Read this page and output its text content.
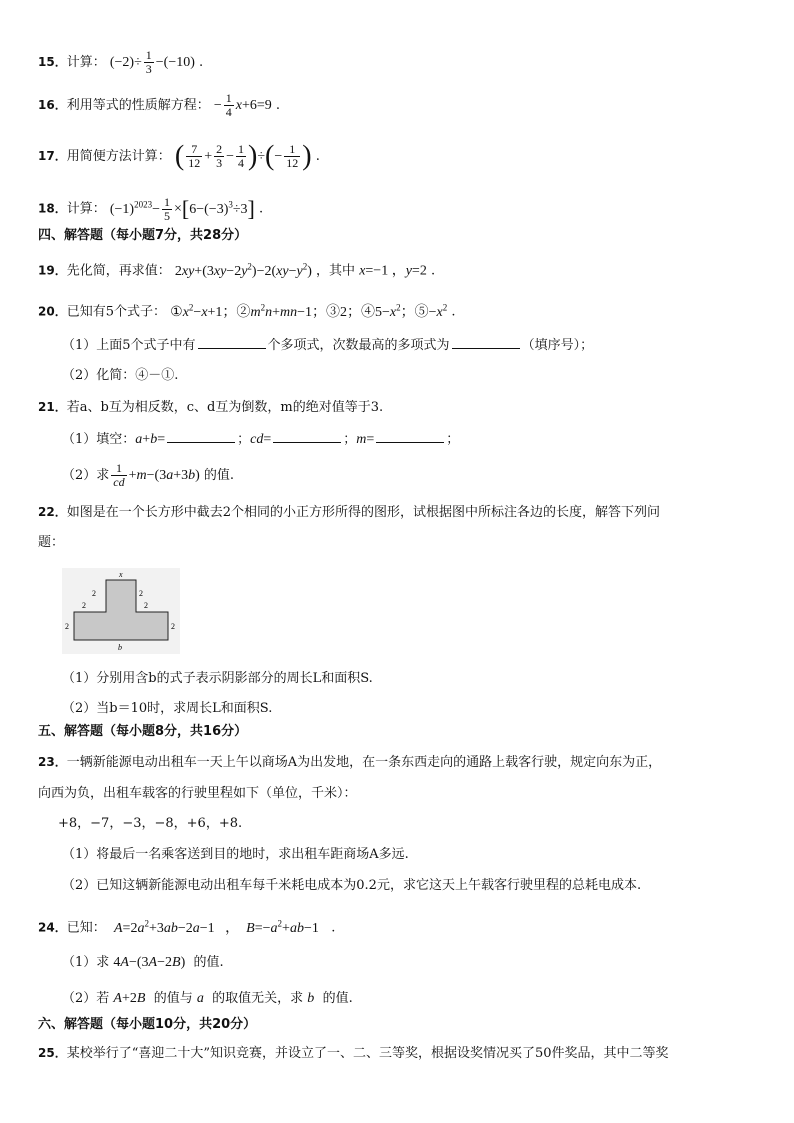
15．计算： $(-2)\div \frac{1}{3} -(-10)$ .
16．利用等式的性质解方程： − $\frac{1}{4} x+6=9$ .
17．用简便方法计算： ( $\frac{7}{12} + \frac{2}{3} - \frac{1}{4}$ )÷(− $\frac{1}{12}$ ) .
18．计算： $(-1)^{2023}- \frac{1}{5} \times[6-(-3)^3\div 3]$ .
四、解答题（每小题7分，共28分）
19．先化简，再求值： $2xy+(3xy-2y^2)-2(xy-y^2)$ ，其中 x=−1 ，y=2 .
20．已知有5个式子： $①x^2-x+1$；$②m^2n+mn-1$；③2；$④5-x^2$；$⑤-x^2$ .
（1）上面5个式子中有	个多项式，次数最高的多项式为	（填序号）；
（2）化简：④－①.
21．若a、b互为相反数，c、d互为倒数，m的绝对值等于3.
（1）填空：a+b=	；cd=	；m=	；
（2）求 $\frac{1}{cd} +m-(3a+3b)$ 的值.
22．如图是在一个长方形中截去2个相同的小正方形所得的图形，试根据图中所标注各边的长度，解答下列问
题：
x
2	2
2	2
2	2
b
（1）分别用含b的式子表示阴影部分的周长L和面积S.
（2）当b＝10时，求周长L和面积S.
五、解答题（每小题8分，共16分）
23．一辆新能源电动出租车一天上午以商场A为出发地，在一条东西走向的通路上载客行驶，规定向东为正，
向西为负，出租车载客的行驶里程如下（单位，千米）：
+8，−7，−3，−8，+6，+8.
（1）将最后一名乘客送到目的地时，求出租车距商场A多远.
（2）已知这辆新能源电动出租车每千米耗电成本为0.2元，求它这天上午载客行驶里程的总耗电成本.
24．已知： $A=2a^2+3ab-2a-1$   ，  $B=-a^2+ab-1$   .
（1）求 4A−(3A−2B) 的值.
（2）若 A+2B 的值与 a 的取值无关，求 b 的值.
六、解答题（每小题10分，共20分）
25．某校举行了“喜迎二十大”知识竞赛，并设立了一、二、三等奖，根据设奖情况买了50件奖品，其中二等奖
